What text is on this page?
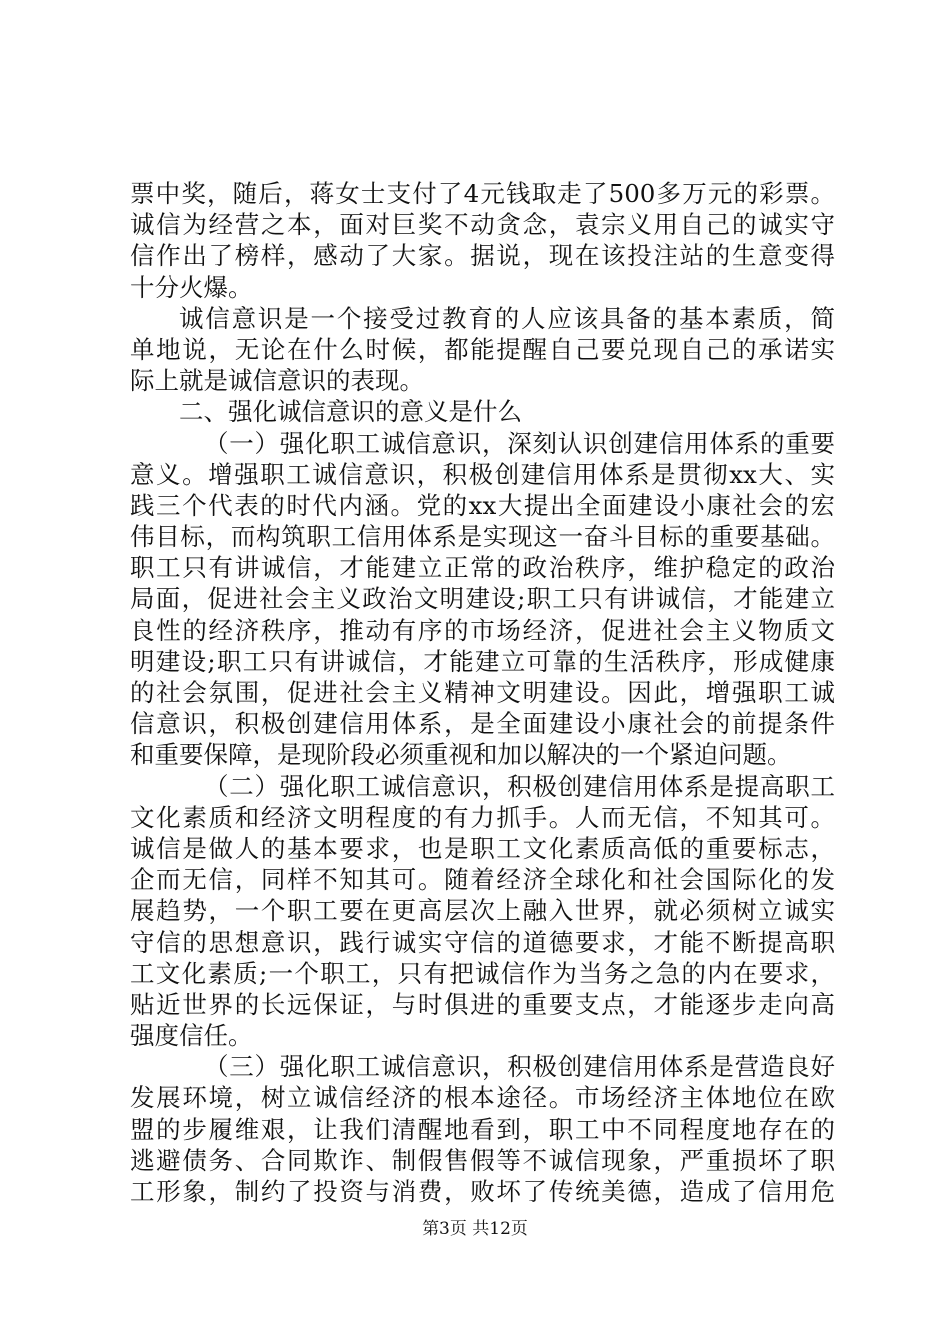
票中奖，随后，蒋女士支付了4元钱取走了500多万元的彩票。
诚信为经营之本，面对巨奖不动贪念，袁宗义用自己的诚实守
信作出了榜样，感动了大家。据说，现在该投注站的生意变得
十分火爆。
诚信意识是一个接受过教育的人应该具备的基本素质，简
单地说，无论在什么时候，都能提醒自己要兑现自己的承诺实
际上就是诚信意识的表现。
二、强化诚信意识的意义是什么
（一）强化职工诚信意识，深刻认识创建信用体系的重要
意义。增强职工诚信意识，积极创建信用体系是贯彻xx大、实
践三个代表的时代内涵。党的xx大提出全面建设小康社会的宏
伟目标，而构筑职工信用体系是实现这一奋斗目标的重要基础。
职工只有讲诚信，才能建立正常的政治秩序，维护稳定的政治
局面，促进社会主义政治文明建设;职工只有讲诚信，才能建立
良性的经济秩序，推动有序的市场经济，促进社会主义物质文
明建设;职工只有讲诚信，才能建立可靠的生活秩序，形成健康
的社会氛围，促进社会主义精神文明建设。因此，增强职工诚
信意识，积极创建信用体系，是全面建设小康社会的前提条件
和重要保障，是现阶段必须重视和加以解决的一个紧迫问题。
（二）强化职工诚信意识，积极创建信用体系是提高职工
文化素质和经济文明程度的有力抓手。人而无信，不知其可。
诚信是做人的基本要求，也是职工文化素质高低的重要标志，
企而无信，同样不知其可。随着经济全球化和社会国际化的发
展趋势，一个职工要在更高层次上融入世界，就必须树立诚实
守信的思想意识，践行诚实守信的道德要求，才能不断提高职
工文化素质;一个职工，只有把诚信作为当务之急的内在要求，
贴近世界的长远保证，与时俱进的重要支点，才能逐步走向高
强度信任。
（三）强化职工诚信意识，积极创建信用体系是营造良好
发展环境，树立诚信经济的根本途径。市场经济主体地位在欧
盟的步履维艰，让我们清醒地看到，职工中不同程度地存在的
逃避债务、合同欺诈、制假售假等不诚信现象，严重损坏了职
工形象，制约了投资与消费，败坏了传统美德，造成了信用危
第3页 共12页
